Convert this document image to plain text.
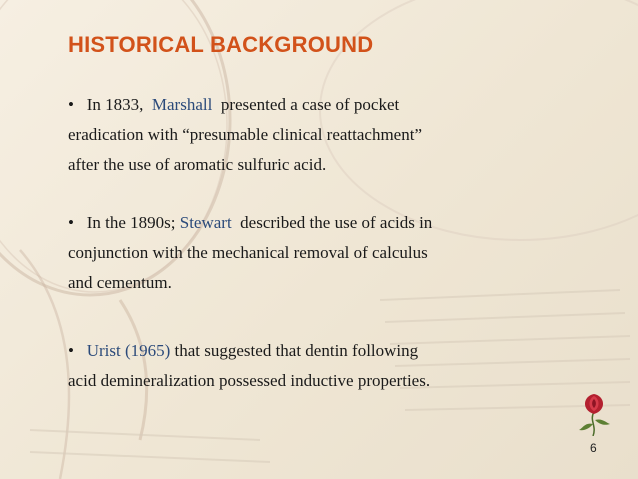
HISTORICAL BACKGROUND

• In 1833, Marshall presented a case of pocket
eradication with “presumable clinical reattachment”
after the use of aromatic sulfuric acid.

• In the 1890s; Stewart described the use of acids in
conjunction with the mechanical removal of calculus
and cementum.

• Urist (1965) that suggested that dentin following
acid demineralization possessed inductive properties.

6
